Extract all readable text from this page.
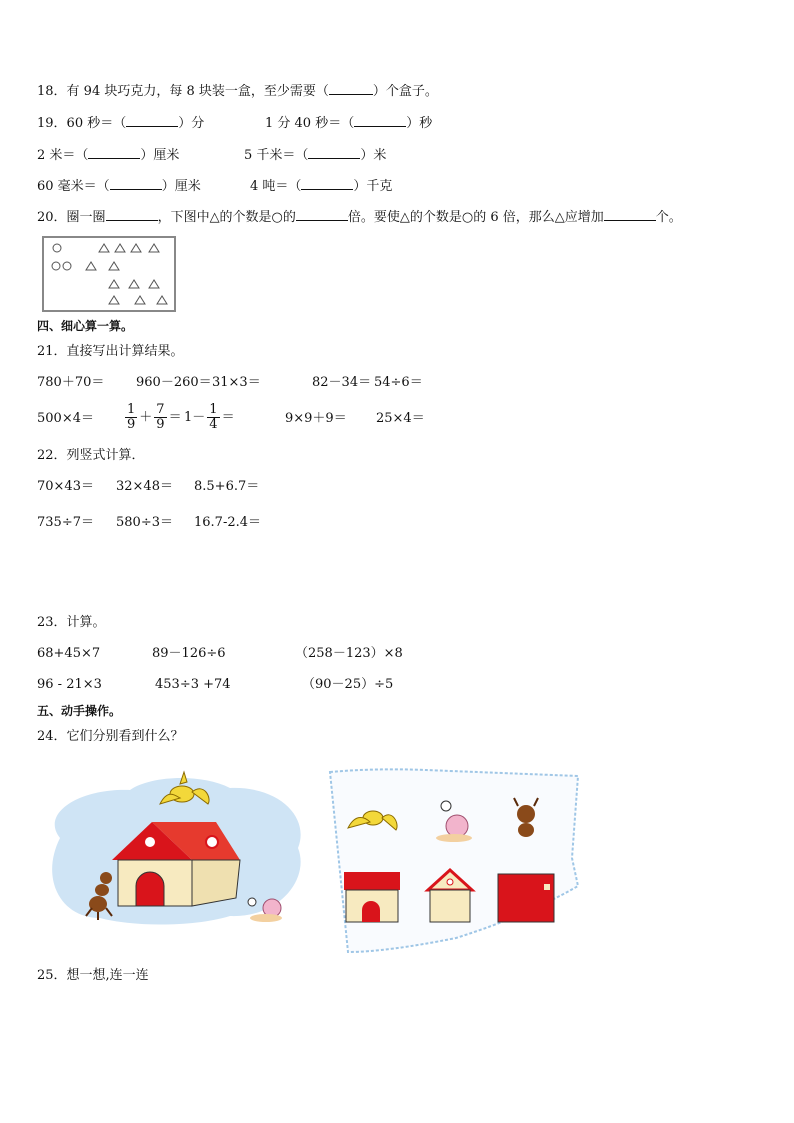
18．有 94 块巧克力，每 8 块装一盒，至少需要（	）个盒子。
19．60 秒＝（	）分	1 分 40 秒＝（	）秒
2 米＝（	）厘米	5 千米＝（	）米
60 毫米＝（	）厘米	4 吨＝（	）千克
20．圈一圈	，下图中△的个数是○的	倍。要使△的个数是○的 6 倍，那么△应增加	个。
四、细心算一算。
21．直接写出计算结果。
780＋70＝ 960－260＝ 31×3＝	82－34＝ 54÷6＝
$500\times 4= \frac{1}{9} + \frac{7}{9} = 1- \frac{1}{4}$ ＝	9×9＋9＝ 25×4＝
22．列竖式计算．
70×43＝ 32×48＝ 8.5+6.7＝
735÷7＝ 580÷3＝ 16.7-2.4＝
23．计算。
68+45×7	89－126÷6	（258－123）×8
96 - 21×3	453÷3 +74	（90－25）÷5
五、动手操作。
24．它们分别看到什么？
25．想一想,连一连
